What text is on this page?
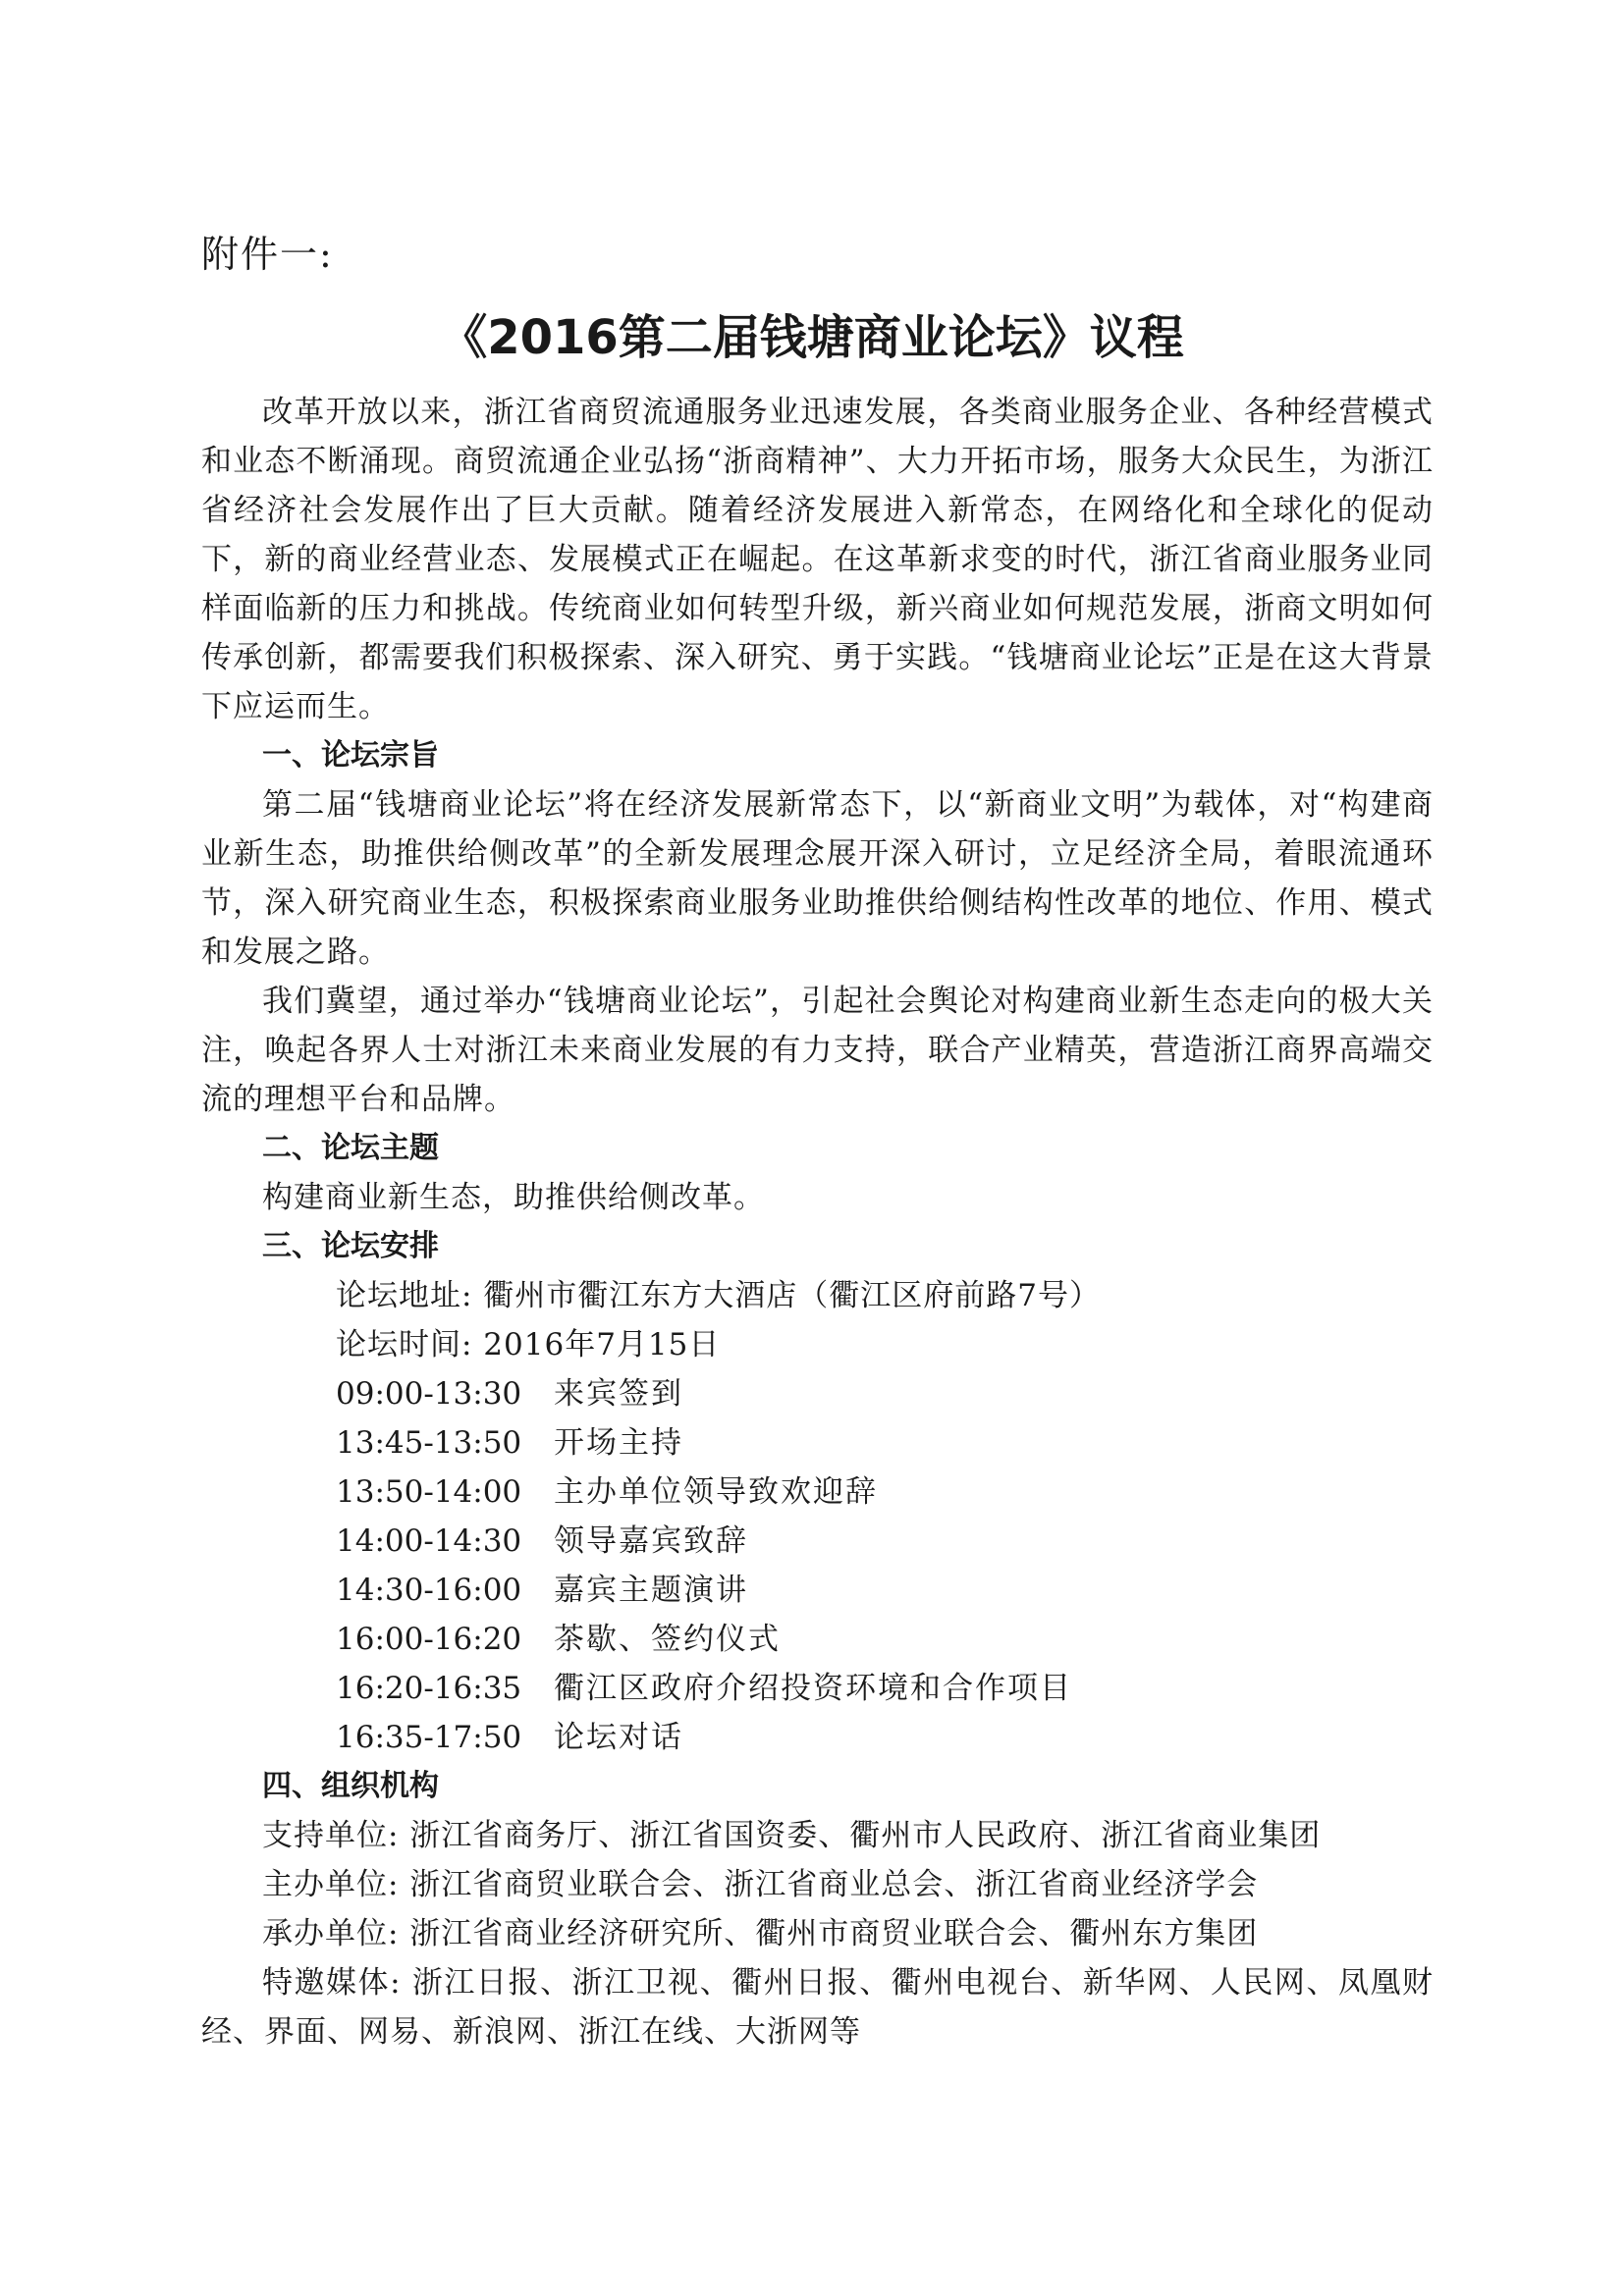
附件一:
《2016第二届钱塘商业论坛》议程

改革开放以来，浙江省商贸流通服务业迅速发展，各类商业服务企业、各种经营模式和业态不断涌现。商贸流通企业弘扬“浙商精神”、大力开拓市场，服务大众民生，为浙江省经济社会发展作出了巨大贡献。随着经济发展进入新常态，在网络化和全球化的促动下，新的商业经营业态、发展模式正在崛起。在这革新求变的时代，浙江省商业服务业同样面临新的压力和挑战。传统商业如何转型升级，新兴商业如何规范发展，浙商文明如何传承创新，都需要我们积极探索、深入研究、勇于实践。“钱塘商业论坛”正是在这大背景下应运而生。

一、论坛宗旨

第二届“钱塘商业论坛”将在经济发展新常态下，以“新商业文明”为载体，对“构建商业新生态，助推供给侧改革”的全新发展理念展开深入研讨，立足经济全局，着眼流通环节，深入研究商业生态，积极探索商业服务业助推供给侧结构性改革的地位、作用、模式和发展之路。

我们冀望，通过举办“钱塘商业论坛”，引起社会舆论对构建商业新生态走向的极大关注，唤起各界人士对浙江未来商业发展的有力支持，联合产业精英，营造浙江商界高端交流的理想平台和品牌。

二、论坛主题

构建商业新生态，助推供给侧改革。

三、论坛安排

论坛地址: 衢州市衢江东方大酒店（衢江区府前路7号）

论坛时间: 2016年7月15日

09:00-13:30	来宾签到
13:45-13:50	开场主持
13:50-14:00	主办单位领导致欢迎辞
14:00-14:30	领导嘉宾致辞
14:30-16:00	嘉宾主题演讲
16:00-16:20	茶歇、签约仪式
16:20-16:35	衢江区政府介绍投资环境和合作项目
16:35-17:50	论坛对话

四、组织机构

支持单位: 浙江省商务厅、浙江省国资委、衢州市人民政府、浙江省商业集团

主办单位: 浙江省商贸业联合会、浙江省商业总会、浙江省商业经济学会

承办单位: 浙江省商业经济研究所、衢州市商贸业联合会、衢州东方集团

特邀媒体: 浙江日报、浙江卫视、衢州日报、衢州电视台、新华网、人民网、凤凰财经、界面、网易、新浪网、浙江在线、大浙网等
